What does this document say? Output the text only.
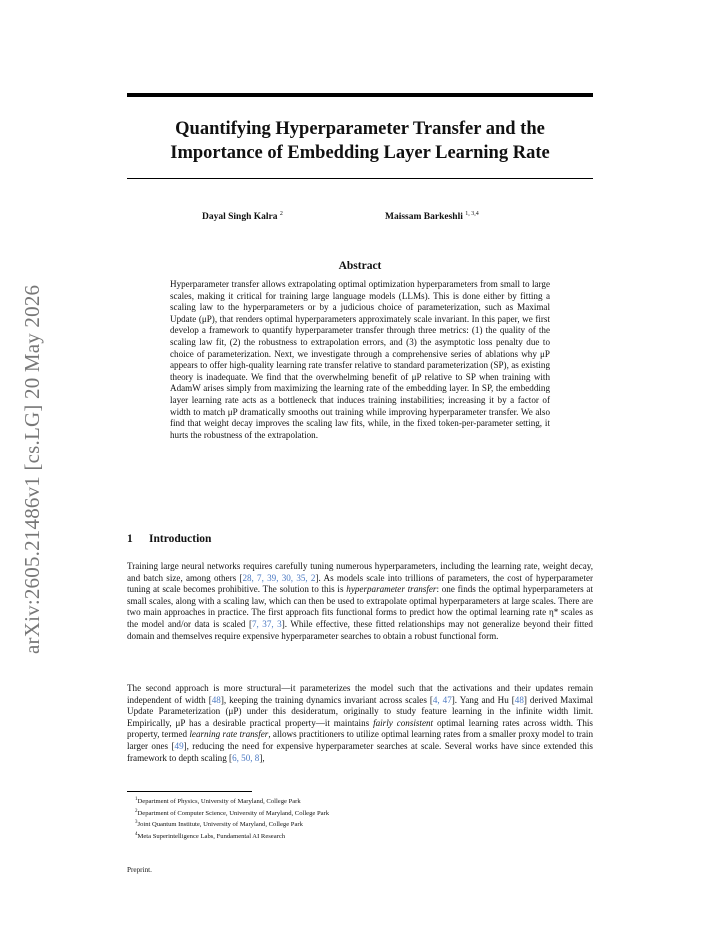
arXiv:2605.21486v1 [cs.LG] 20 May 2026
Quantifying Hyperparameter Transfer and the
Importance of Embedding Layer Learning Rate
Dayal Singh Kalra $^2$	Maissam Barkeshli $^{1, 3,4}$
Abstract
Hyperparameter transfer allows extrapolating optimal optimization hyperparameters from small to large scales, making it critical for training large language models (LLMs). This is done either by fitting a scaling law to the hyperparameters or by a judicious choice of parameterization, such as Maximal Update (μP), that renders optimal hyperparameters approximately scale invariant. In this paper, we first develop a framework to quantify hyperparameter transfer through three metrics: (1) the quality of the scaling law fit, (2) the robustness to extrapolation errors, and (3) the asymptotic loss penalty due to choice of parameterization. Next, we investigate through a comprehensive series of ablations why μP appears to offer high-quality learning rate transfer relative to standard parameterization (SP), as existing theory is inadequate. We find that the overwhelming benefit of μP relative to SP when training with AdamW arises simply from maximizing the learning rate of the embedding layer. In SP, the embedding layer learning rate acts as a bottleneck that induces training instabilities; increasing it by a factor of width to match μP dramatically smooths out training while improving hyperparameter transfer. We also find that weight decay improves the scaling law fits, while, in the fixed token-per-parameter setting, it hurts the robustness of the extrapolation.
1 Introduction

Training large neural networks requires carefully tuning numerous hyperparameters, including the learning rate, weight decay, and batch size, among others [28, 7, 39, 30, 35, 2]. As models scale into trillions of parameters, the cost of hyperparameter tuning at scale becomes prohibitive. The solution to this is hyperparameter transfer: one finds the optimal hyperparameters at small scales, along with a scaling law, which can then be used to extrapolate optimal hyperparameters at large scales. There are two main approaches in practice. The first approach fits functional forms to predict how the optimal learning rate η* scales as the model and/or data is scaled [7, 37, 3]. While effective, these fitted relationships may not generalize beyond their fitted domain and themselves require expensive hyperparameter searches to obtain a robust functional form.

The second approach is more structural—it parameterizes the model such that the activations and their updates remain independent of width [48], keeping the training dynamics invariant across scales [4, 47]. Yang and Hu [48] derived Maximal Update Parameterization (μP) under this desideratum, originally to study feature learning in the infinite width limit. Empirically, μP has a desirable practical property—it maintains fairly consistent optimal learning rates across width. This property, termed learning rate transfer, allows practitioners to utilize optimal learning rates from a smaller proxy model to train larger ones [49], reducing the need for expensive hyperparameter searches at scale. Several works have since extended this framework to depth scaling [6, 50, 8],

$^1$Department of Physics, University of Maryland, College Park
$^2$Department of Computer Science, University of Maryland, College Park
$^3$Joint Quantum Institute, University of Maryland, College Park
$^4$Meta Superintelligence Labs, Fundamental AI Research
Preprint.
